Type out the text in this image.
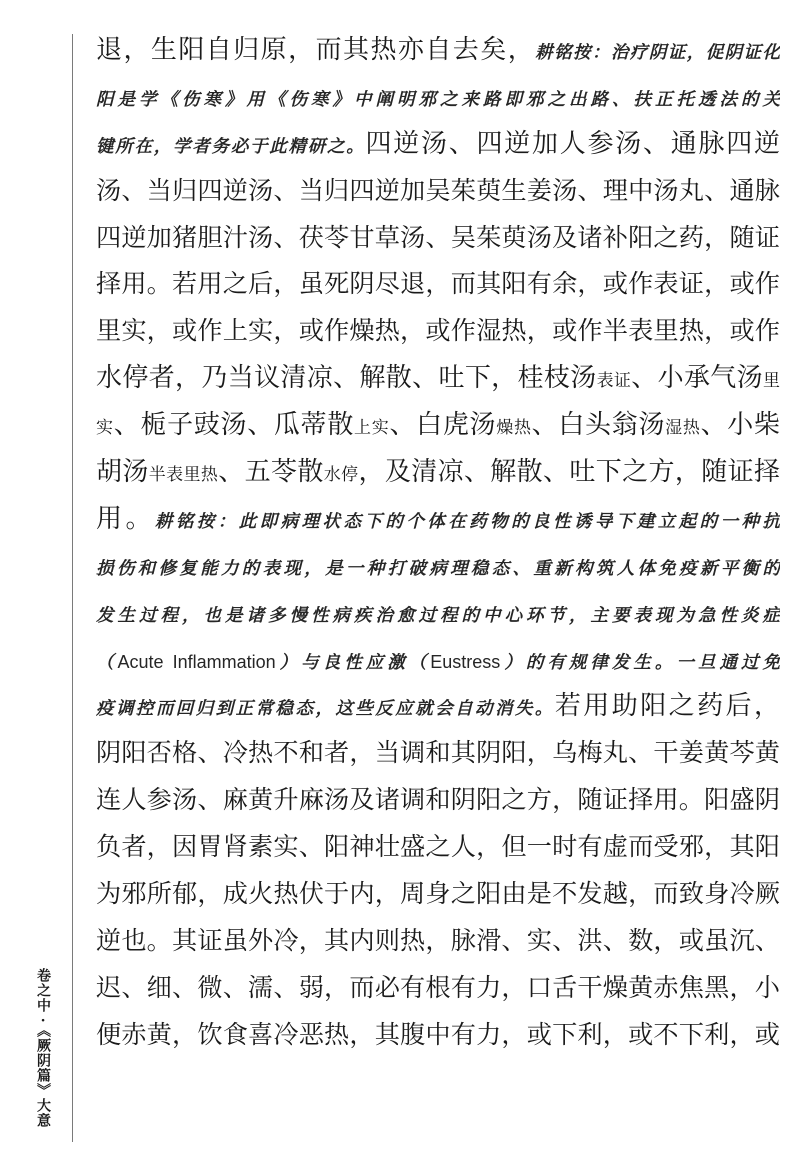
卷之中·《厥阴篇》大意
退，生阳自归原，而其热亦自去矣，耕铭按：治疗阴证，促阴证化
阳是学《伤寒》用《伤寒》中阐明邪之来路即邪之出路、扶正托透法的关
键所在，学者务必于此精研之。四逆汤、四逆加人参汤、通脉四逆
汤、当归四逆汤、当归四逆加吴茱萸生姜汤、理中汤丸、通脉
四逆加猪胆汁汤、茯苓甘草汤、吴茱萸汤及诸补阳之药，随证
择用。若用之后，虽死阴尽退，而其阳有余，或作表证，或作
里实，或作上实，或作燥热，或作湿热，或作半表里热，或作
水停者，乃当议清凉、解散、吐下，桂枝汤表证、小承气汤里
实、栀子豉汤、瓜蒂散上实、白虎汤燥热、白头翁汤湿热、小柴
胡汤半表里热、五苓散水停，及清凉、解散、吐下之方，随证择
用。耕铭按：此即病理状态下的个体在药物的良性诱导下建立起的一种抗
损伤和修复能力的表现，是一种打破病理稳态、重新构筑人体免疫新平衡的
发生过程，也是诸多慢性病疾治愈过程的中心环节，主要表现为急性炎症
（Acute Inflammation）与良性应激（Eustress）的有规律发生。一旦通过免
疫调控而回归到正常稳态，这些反应就会自动消失。若用助阳之药后，
阴阳否格、冷热不和者，当调和其阴阳，乌梅丸、干姜黄芩黄
连人参汤、麻黄升麻汤及诸调和阴阳之方，随证择用。阳盛阴
负者，因胃肾素实、阳神壮盛之人，但一时有虚而受邪，其阳
为邪所郁，成火热伏于内，周身之阳由是不发越，而致身冷厥
逆也。其证虽外冷，其内则热，脉滑、实、洪、数，或虽沉、
迟、细、微、濡、弱，而必有根有力，口舌干燥黄赤焦黑，小
便赤黄，饮食喜冷恶热，其腹中有力，或下利，或不下利，或
